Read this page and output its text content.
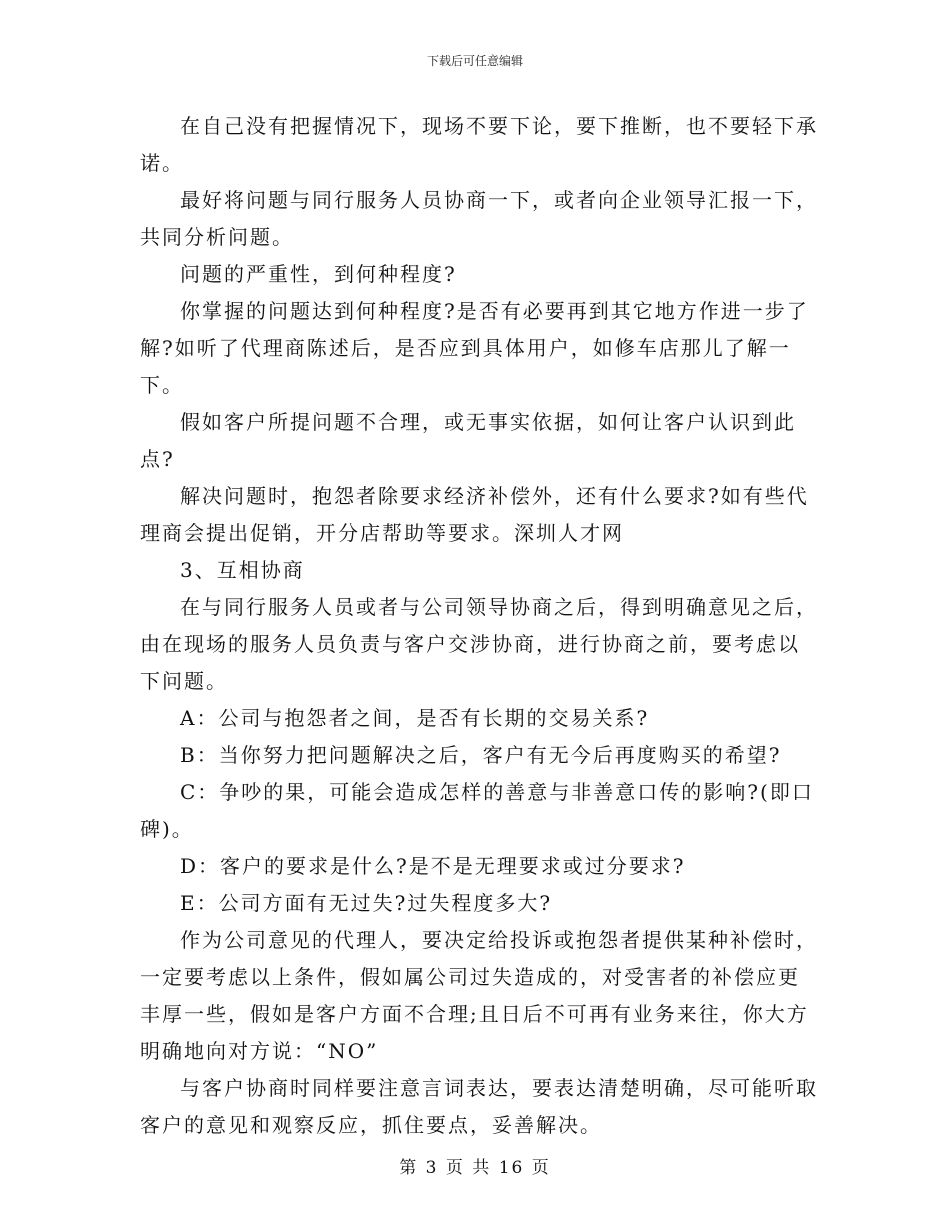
下载后可任意编辑

在自己没有把握情况下，现场不要下论，要下推断，也不要轻下承诺。

最好将问题与同行服务人员协商一下，或者向企业领导汇报一下，共同分析问题。

问题的严重性，到何种程度?

你掌握的问题达到何种程度?是否有必要再到其它地方作进一步了解?如听了代理商陈述后，是否应到具体用户，如修车店那儿了解一下。

假如客户所提问题不合理，或无事实依据，如何让客户认识到此点?

解决问题时，抱怨者除要求经济补偿外，还有什么要求?如有些代理商会提出促销，开分店帮助等要求。深圳人才网

3、互相协商

在与同行服务人员或者与公司领导协商之后，得到明确意见之后，由在现场的服务人员负责与客户交涉协商，进行协商之前，要考虑以下问题。

A：公司与抱怨者之间，是否有长期的交易关系?

B：当你努力把问题解决之后，客户有无今后再度购买的希望?

C：争吵的果，可能会造成怎样的善意与非善意口传的影响?(即口碑)。

D：客户的要求是什么?是不是无理要求或过分要求?

E：公司方面有无过失?过失程度多大?

作为公司意见的代理人，要决定给投诉或抱怨者提供某种补偿时，一定要考虑以上条件，假如属公司过失造成的，对受害者的补偿应更丰厚一些，假如是客户方面不合理;且日后不可再有业务来往，你大方明确地向对方说：“NO”

与客户协商时同样要注意言词表达，要表达清楚明确，尽可能听取客户的意见和观察反应，抓住要点，妥善解决。

第 3 页 共 16 页
